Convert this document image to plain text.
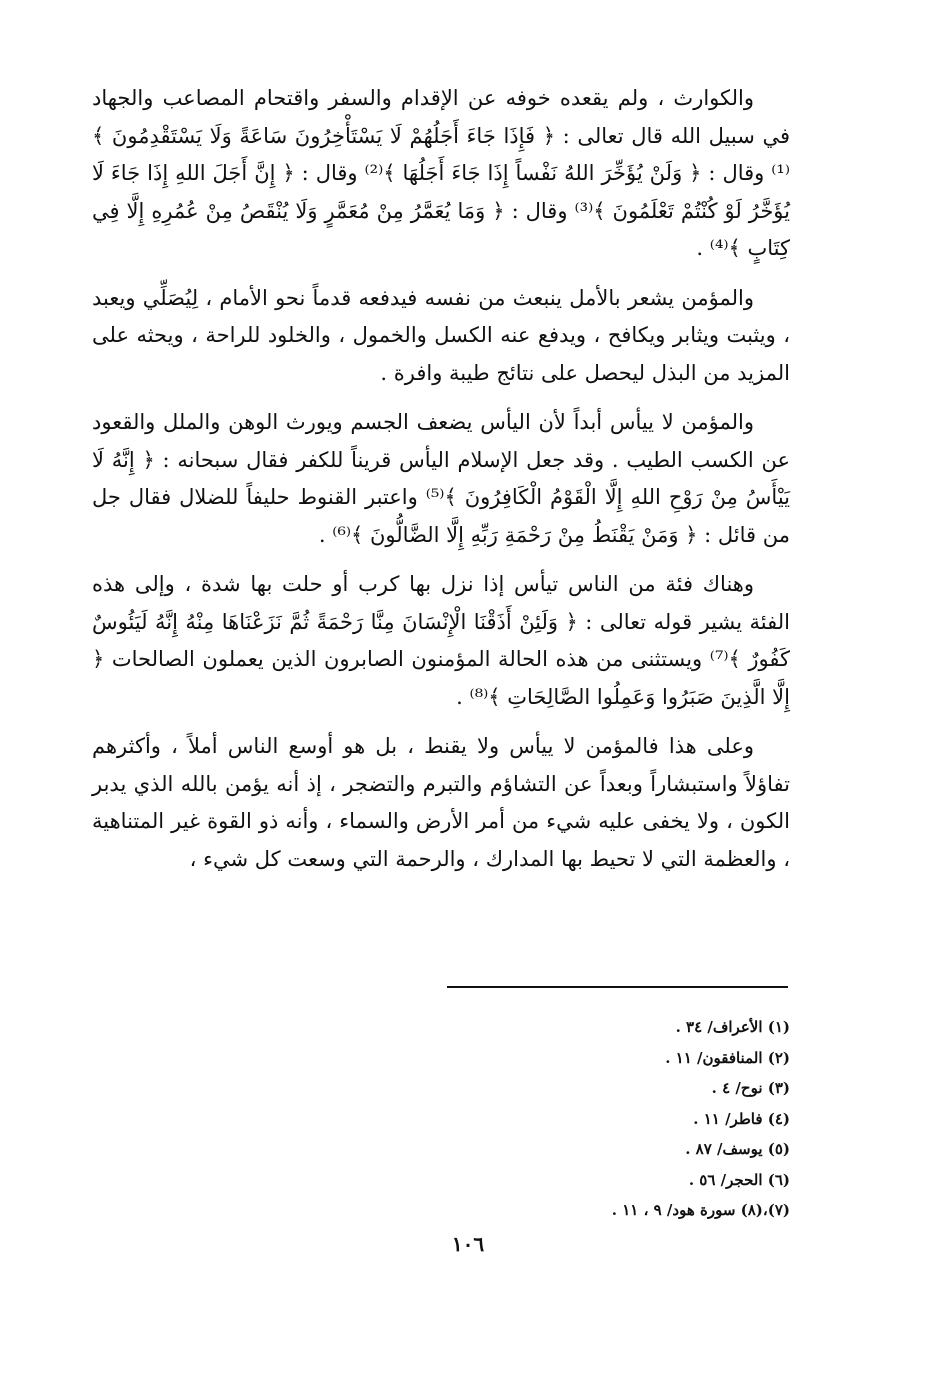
والكوارث ، ولم يقعده خوفه عن الإقدام والسفر واقتحام المصاعب والجهاد في سبيل الله قال تعالى : ﴿ فَإِذَا جَاءَ أَجَلُهُمْ لَا يَسْتَأْخِرُونَ سَاعَةً وَلَا يَسْتَقْدِمُونَ ﴾⁽¹⁾ وقال : ﴿ وَلَنْ يُؤَخِّرَ اللهُ نَفْساً إِذَا جَاءَ أَجَلُهَا ﴾⁽²⁾ وقال : ﴿ إِنَّ أَجَلَ اللهِ إِذَا جَاءَ لَا يُؤَخَّرُ لَوْ كُنْتُمْ تَعْلَمُونَ ﴾⁽³⁾ وقال : ﴿ وَمَا يُعَمَّرُ مِنْ مُعَمَّرٍ وَلَا يُنْقَصُ مِنْ عُمُرِهِ إِلَّا فِي كِتَابٍ ﴾⁽⁴⁾ .

والمؤمن يشعر بالأمل ينبعث من نفسه فيدفعه قدماً نحو الأمام ، لِيُصَلِّي ويعبد ، ويثبت ويثابر ويكافح ، ويدفع عنه الكسل والخمول ، والخلود للراحة ، ويحثه على المزيد من البذل ليحصل على نتائج طيبة وافرة .

والمؤمن لا ييأس أبداً لأن اليأس يضعف الجسم ويورث الوهن والملل والقعود عن الكسب الطيب . وقد جعل الإسلام اليأس قريناً للكفر فقال سبحانه : ﴿ إِنَّهُ لَا يَيْأَسُ مِنْ رَوْحِ اللهِ إِلَّا الْقَوْمُ الْكَافِرُونَ ﴾⁽⁵⁾ واعتبر القنوط حليفاً للضلال فقال جل من قائل : ﴿ وَمَنْ يَقْنَطُ مِنْ رَحْمَةِ رَبِّهِ إِلَّا الضَّالُّونَ ﴾⁽⁶⁾ .

وهناك فئة من الناس تيأس إذا نزل بها كرب أو حلت بها شدة ، وإلى هذه الفئة يشير قوله تعالى : ﴿ وَلَئِنْ أَذَقْنَا الْإِنْسَانَ مِنَّا رَحْمَةً ثُمَّ نَزَعْنَاهَا مِنْهُ إِنَّهُ لَيَئُوسٌ كَفُورٌ ﴾⁽⁷⁾ ويستثنى من هذه الحالة المؤمنون الصابرون الذين يعملون الصالحات ﴿ إِلَّا الَّذِينَ صَبَرُوا وَعَمِلُوا الصَّالِحَاتِ ﴾⁽⁸⁾ .

وعلى هذا فالمؤمن لا ييأس ولا يقنط ، بل هو أوسع الناس أملاً ، وأكثرهم تفاؤلاً واستبشاراً وبعداً عن التشاؤم والتبرم والتضجر ، إذ أنه يؤمن بالله الذي يدبر الكون ، ولا يخفى عليه شيء من أمر الأرض والسماء ، وأنه ذو القوة غير المتناهية ، والعظمة التي لا تحيط بها المدارك ، والرحمة التي وسعت كل شيء ،

(١) الأعراف/ ٣٤ .
(٢) المنافقون/ ١١ .
(٣) نوح/ ٤ .
(٤) فاطر/ ١١ .
(٥) يوسف/ ٨٧ .
(٦) الحجر/ ٥٦ .
(٧)،(٨) سورة هود/ ٩ ، ١١ .
١٠٦
